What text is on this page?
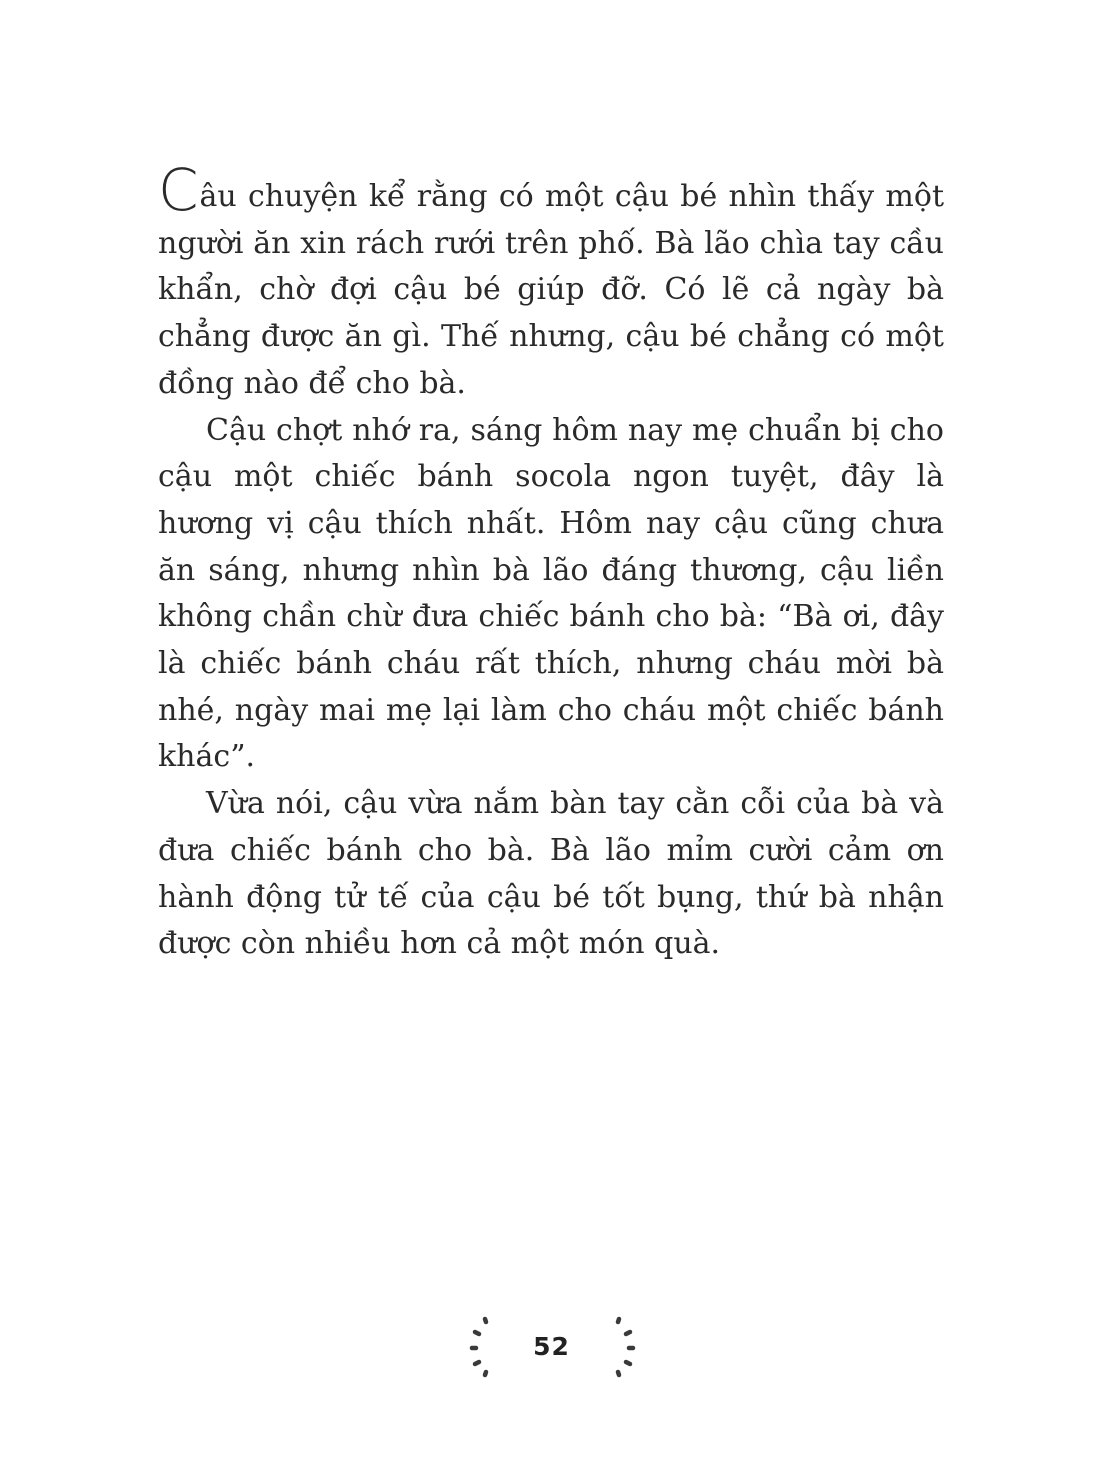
Câu chuyện kể rằng có một cậu bé nhìn thấy một người ăn xin rách rưới trên phố. Bà lão chìa tay cầu khẩn, chờ đợi cậu bé giúp đỡ. Có lẽ cả ngày bà chẳng được ăn gì. Thế nhưng, cậu bé chẳng có một đồng nào để cho bà.

Cậu chợt nhớ ra, sáng hôm nay mẹ chuẩn bị cho cậu một chiếc bánh socola ngon tuyệt, đây là hương vị cậu thích nhất. Hôm nay cậu cũng chưa ăn sáng, nhưng nhìn bà lão đáng thương, cậu liền không chần chừ đưa chiếc bánh cho bà: “Bà ơi, đây là chiếc bánh cháu rất thích, nhưng cháu mời bà nhé, ngày mai mẹ lại làm cho cháu một chiếc bánh khác”.

Vừa nói, cậu vừa nắm bàn tay cằn cỗi của bà và đưa chiếc bánh cho bà. Bà lão mỉm cười cảm ơn hành động tử tế của cậu bé tốt bụng, thứ bà nhận được còn nhiều hơn cả một món quà.

52
